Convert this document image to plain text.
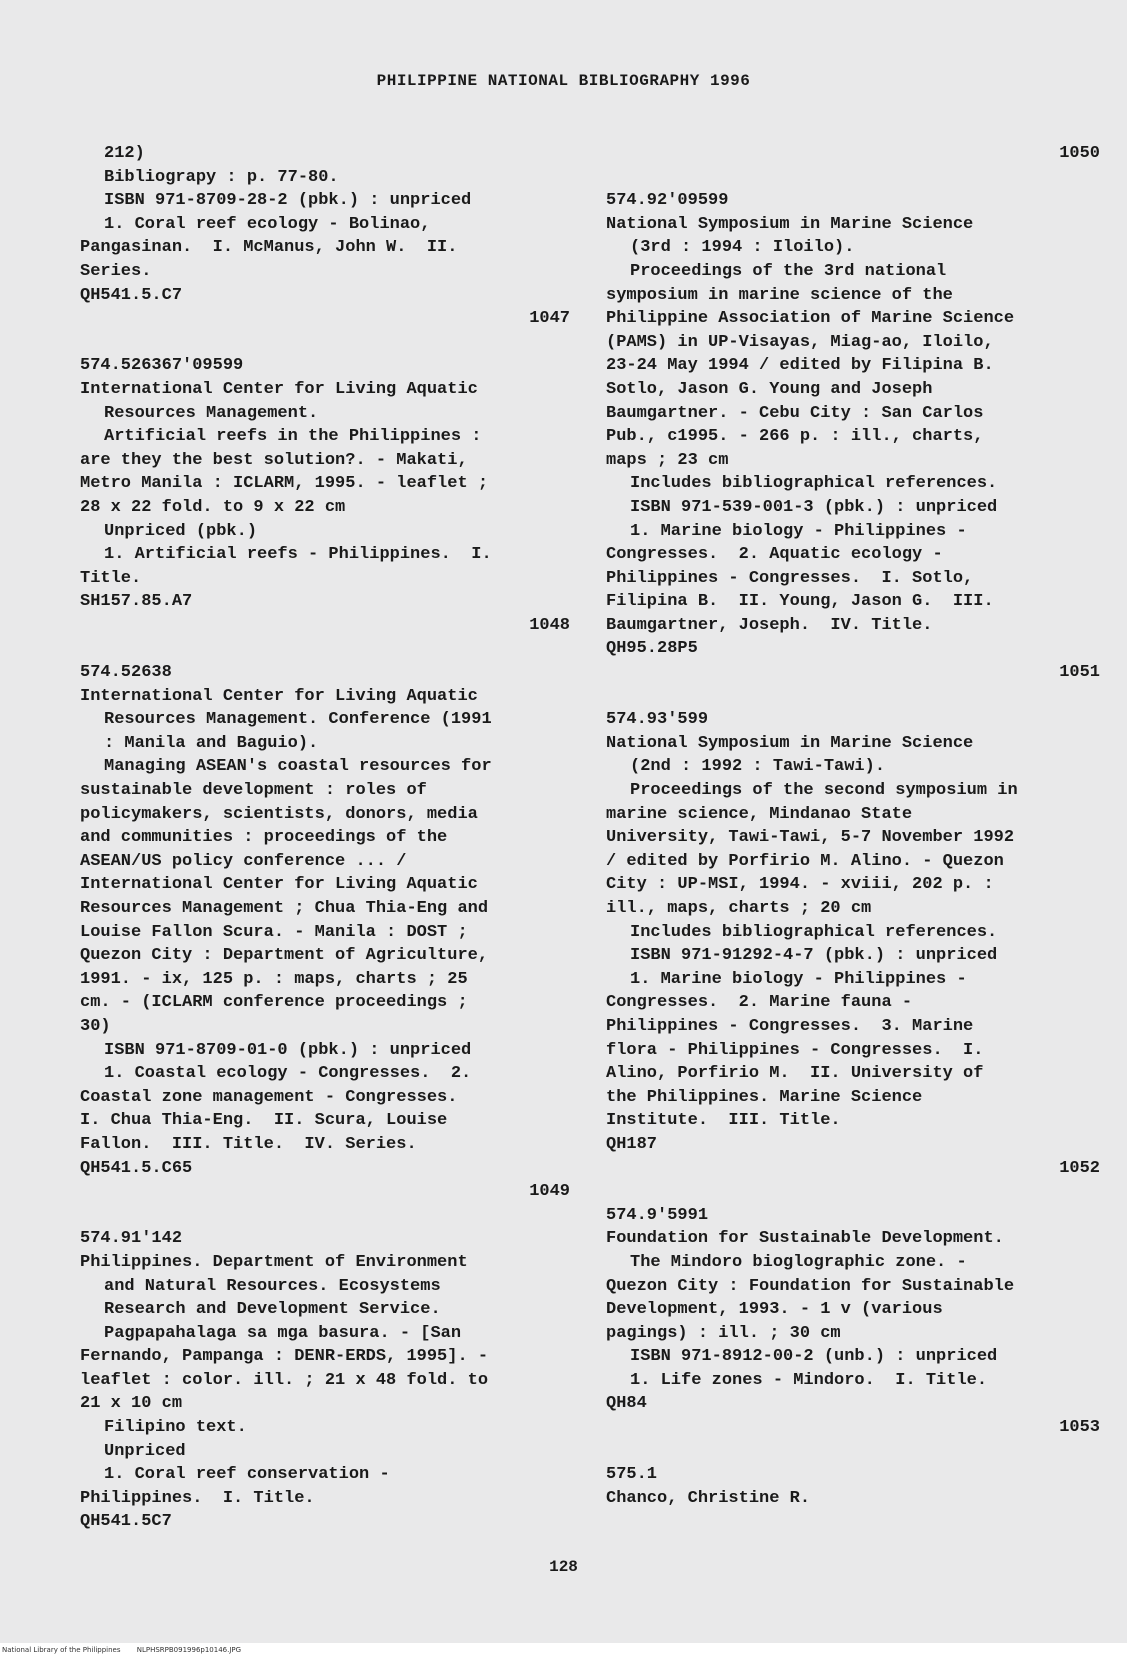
PHILIPPINE NATIONAL BIBLIOGRAPHY 1996
212)
Bibliograpy : p. 77-80.
ISBN 971-8709-28-2 (pbk.) : unpriced
1. Coral reef ecology - Bolinao,
Pangasinan.  I. McManus, John W.  II.
Series.
QH541.5.C7
1047
574.526367'09599
International Center for Living Aquatic
Resources Management.
Artificial reefs in the Philippines :
are they the best solution?. - Makati,
Metro Manila : ICLARM, 1995. - leaflet ;
28 x 22 fold. to 9 x 22 cm
Unpriced (pbk.)
1. Artificial reefs - Philippines.  I.
Title.
SH157.85.A7
1048
574.52638
International Center for Living Aquatic
Resources Management. Conference (1991
: Manila and Baguio).
Managing ASEAN's coastal resources for
sustainable development : roles of
policymakers, scientists, donors, media
and communities : proceedings of the
ASEAN/US policy conference ... /
International Center for Living Aquatic
Resources Management ; Chua Thia-Eng and
Louise Fallon Scura. - Manila : DOST ;
Quezon City : Department of Agriculture,
1991. - ix, 125 p. : maps, charts ; 25
cm. - (ICLARM conference proceedings ;
30)
ISBN 971-8709-01-0 (pbk.) : unpriced
1. Coastal ecology - Congresses.  2.
Coastal zone management - Congresses.
I. Chua Thia-Eng.  II. Scura, Louise
Fallon.  III. Title.  IV. Series.
QH541.5.C65
1049
574.91'142
Philippines. Department of Environment
and Natural Resources. Ecosystems
Research and Development Service.
Pagpapahalaga sa mga basura. - [San
Fernando, Pampanga : DENR-ERDS, 1995]. -
leaflet : color. ill. ; 21 x 48 fold. to
21 x 10 cm
Filipino text.
Unpriced
1. Coral reef conservation -
Philippines.  I. Title.
QH541.5C7
1050
574.92'09599
National Symposium in Marine Science
(3rd : 1994 : Iloilo).
Proceedings of the 3rd national
symposium in marine science of the
Philippine Association of Marine Science
(PAMS) in UP-Visayas, Miag-ao, Iloilo,
23-24 May 1994 / edited by Filipina B.
Sotlo, Jason G. Young and Joseph
Baumgartner. - Cebu City : San Carlos
Pub., c1995. - 266 p. : ill., charts,
maps ; 23 cm
Includes bibliographical references.
ISBN 971-539-001-3 (pbk.) : unpriced
1. Marine biology - Philippines -
Congresses.  2. Aquatic ecology -
Philippines - Congresses.  I. Sotlo,
Filipina B.  II. Young, Jason G.  III.
Baumgartner, Joseph.  IV. Title.
QH95.28P5
1051
574.93'599
National Symposium in Marine Science
(2nd : 1992 : Tawi-Tawi).
Proceedings of the second symposium in
marine science, Mindanao State
University, Tawi-Tawi, 5-7 November 1992
/ edited by Porfirio M. Alino. - Quezon
City : UP-MSI, 1994. - xviii, 202 p. :
ill., maps, charts ; 20 cm
Includes bibliographical references.
ISBN 971-91292-4-7 (pbk.) : unpriced
1. Marine biology - Philippines -
Congresses.  2. Marine fauna -
Philippines - Congresses.  3. Marine
flora - Philippines - Congresses.  I.
Alino, Porfirio M.  II. University of
the Philippines. Marine Science
Institute.  III. Title.
QH187
1052
574.9'5991
Foundation for Sustainable Development.
The Mindoro bioglographic zone. -
Quezon City : Foundation for Sustainable
Development, 1993. - 1 v (various
pagings) : ill. ; 30 cm
ISBN 971-8912-00-2 (unb.) : unpriced
1. Life zones - Mindoro.  I. Title.
QH84
1053
575.1
Chanco, Christine R.
128
National Library of the Philippines NLPHSRPB091996p10146.JPG
